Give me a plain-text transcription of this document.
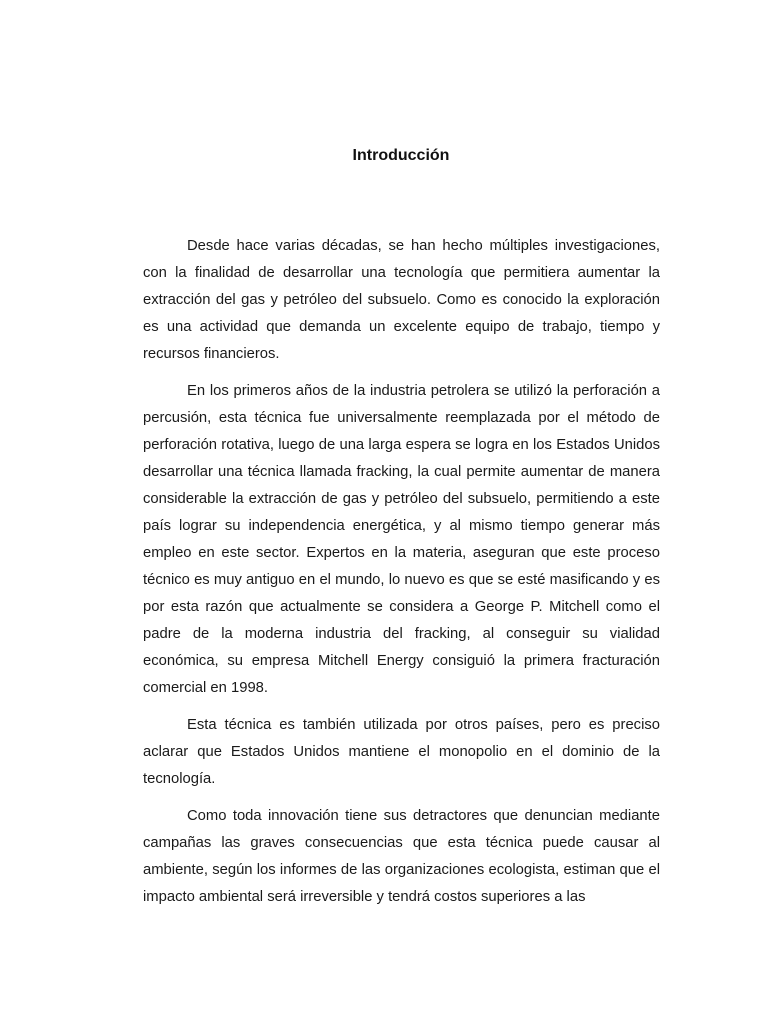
Introducción

Desde hace varias décadas, se han hecho múltiples investigaciones, con la finalidad de desarrollar una tecnología que permitiera aumentar la extracción del gas y petróleo del subsuelo. Como es conocido la exploración es una actividad que demanda un excelente equipo de trabajo, tiempo y recursos financieros.

En los primeros años de la industria petrolera se utilizó la perforación a percusión, esta técnica fue universalmente reemplazada por el método de perforación rotativa, luego de una larga espera se logra en los Estados Unidos desarrollar una técnica llamada fracking, la cual permite aumentar de manera considerable la extracción de gas y petróleo del subsuelo, permitiendo a este país lograr su independencia energética, y al mismo tiempo generar más empleo en este sector. Expertos en la materia, aseguran que este proceso técnico es muy antiguo en el mundo, lo nuevo es que se esté masificando y es por esta razón que actualmente se considera a George P. Mitchell como el padre de la moderna industria del fracking, al conseguir su vialidad económica, su empresa Mitchell Energy consiguió la primera fracturación comercial en 1998.

Esta técnica es también utilizada por otros países, pero es preciso aclarar que Estados Unidos mantiene el monopolio en el dominio de la tecnología.

Como toda innovación tiene sus detractores que denuncian mediante campañas las graves consecuencias que esta técnica puede causar al ambiente, según los informes de las organizaciones ecologista, estiman que el impacto ambiental será irreversible y tendrá costos superiores a las
